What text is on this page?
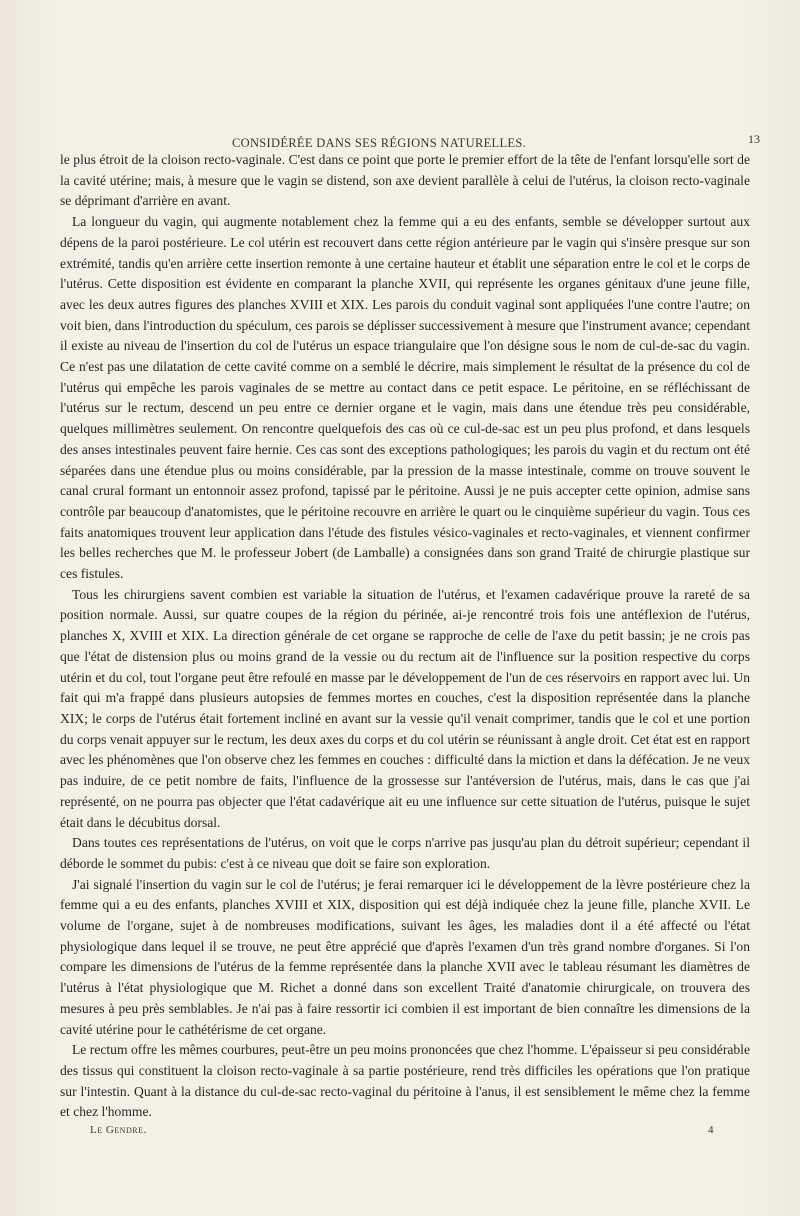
CONSIDÉRÉE DANS SES RÉGIONS NATURELLES.	13

le plus étroit de la cloison recto-vaginale. C'est dans ce point que porte le premier effort de la tête de l'enfant lorsqu'elle sort de la cavité utérine; mais, à mesure que le vagin se distend, son axe devient parallèle à celui de l'utérus, la cloison recto-vaginale se déprimant d'arrière en avant.

La longueur du vagin, qui augmente notablement chez la femme qui a eu des enfants, semble se développer surtout aux dépens de la paroi postérieure. Le col utérin est recouvert dans cette région antérieure par le vagin qui s'insère presque sur son extrémité, tandis qu'en arrière cette insertion remonte à une certaine hauteur et établit une séparation entre le col et le corps de l'utérus. Cette disposition est évidente en comparant la planche XVII, qui représente les organes génitaux d'une jeune fille, avec les deux autres figures des planches XVIII et XIX. Les parois du conduit vaginal sont appliquées l'une contre l'autre; on voit bien, dans l'introduction du spéculum, ces parois se déplisser successivement à mesure que l'instrument avance; cependant il existe au niveau de l'insertion du col de l'utérus un espace triangulaire que l'on désigne sous le nom de cul-de-sac du vagin. Ce n'est pas une dilatation de cette cavité comme on a semblé le décrire, mais simplement le résultat de la présence du col de l'utérus qui empêche les parois vaginales de se mettre au contact dans ce petit espace. Le péritoine, en se réfléchissant de l'utérus sur le rectum, descend un peu entre ce dernier organe et le vagin, mais dans une étendue très peu considérable, quelques millimètres seulement. On rencontre quelquefois des cas où ce cul-de-sac est un peu plus profond, et dans lesquels des anses intestinales peuvent faire hernie. Ces cas sont des exceptions pathologiques; les parois du vagin et du rectum ont été séparées dans une étendue plus ou moins considérable, par la pression de la masse intestinale, comme on trouve souvent le canal crural formant un entonnoir assez profond, tapissé par le péritoine. Aussi je ne puis accepter cette opinion, admise sans contrôle par beaucoup d'anatomistes, que le péritoine recouvre en arrière le quart ou le cinquième supérieur du vagin. Tous ces faits anatomiques trouvent leur application dans l'étude des fistules vésico-vaginales et recto-vaginales, et viennent confirmer les belles recherches que M. le professeur Jobert (de Lamballe) a consignées dans son grand Traité de chirurgie plastique sur ces fistules.

Tous les chirurgiens savent combien est variable la situation de l'utérus, et l'examen cadavérique prouve la rareté de sa position normale. Aussi, sur quatre coupes de la région du périnée, ai-je rencontré trois fois une antéflexion de l'utérus, planches X, XVIII et XIX. La direction générale de cet organe se rapproche de celle de l'axe du petit bassin; je ne crois pas que l'état de distension plus ou moins grand de la vessie ou du rectum ait de l'influence sur la position respective du corps utérin et du col, tout l'organe peut être refoulé en masse par le développement de l'un de ces réservoirs en rapport avec lui. Un fait qui m'a frappé dans plusieurs autopsies de femmes mortes en couches, c'est la disposition représentée dans la planche XIX; le corps de l'utérus était fortement incliné en avant sur la vessie qu'il venait comprimer, tandis que le col et une portion du corps venait appuyer sur le rectum, les deux axes du corps et du col utérin se réunissant à angle droit. Cet état est en rapport avec les phénomènes que l'on observe chez les femmes en couches : difficulté dans la miction et dans la défécation. Je ne veux pas induire, de ce petit nombre de faits, l'influence de la grossesse sur l'antéversion de l'utérus, mais, dans le cas que j'ai représenté, on ne pourra pas objecter que l'état cadavérique ait eu une influence sur cette situation de l'utérus, puisque le sujet était dans le décubitus dorsal.

Dans toutes ces représentations de l'utérus, on voit que le corps n'arrive pas jusqu'au plan du détroit supérieur; cependant il déborde le sommet du pubis: c'est à ce niveau que doit se faire son exploration.

J'ai signalé l'insertion du vagin sur le col de l'utérus; je ferai remarquer ici le développement de la lèvre postérieure chez la femme qui a eu des enfants, planches XVIII et XIX, disposition qui est déjà indiquée chez la jeune fille, planche XVII. Le volume de l'organe, sujet à de nombreuses modifications, suivant les âges, les maladies dont il a été affecté ou l'état physiologique dans lequel il se trouve, ne peut être apprécié que d'après l'examen d'un très grand nombre d'organes. Si l'on compare les dimensions de l'utérus de la femme représentée dans la planche XVII avec le tableau résumant les diamètres de l'utérus à l'état physiologique que M. Richet a donné dans son excellent Traité d'anatomie chirurgicale, on trouvera des mesures à peu près semblables. Je n'ai pas à faire ressortir ici combien il est important de bien connaître les dimensions de la cavité utérine pour le cathétérisme de cet organe.

Le rectum offre les mêmes courbures, peut-être un peu moins prononcées que chez l'homme. L'épaisseur si peu considérable des tissus qui constituent la cloison recto-vaginale à sa partie postérieure, rend très difficiles les opérations que l'on pratique sur l'intestin. Quant à la distance du cul-de-sac recto-vaginal du péritoine à l'anus, il est sensiblement le même chez la femme et chez l'homme.

Le Gendre.	4
